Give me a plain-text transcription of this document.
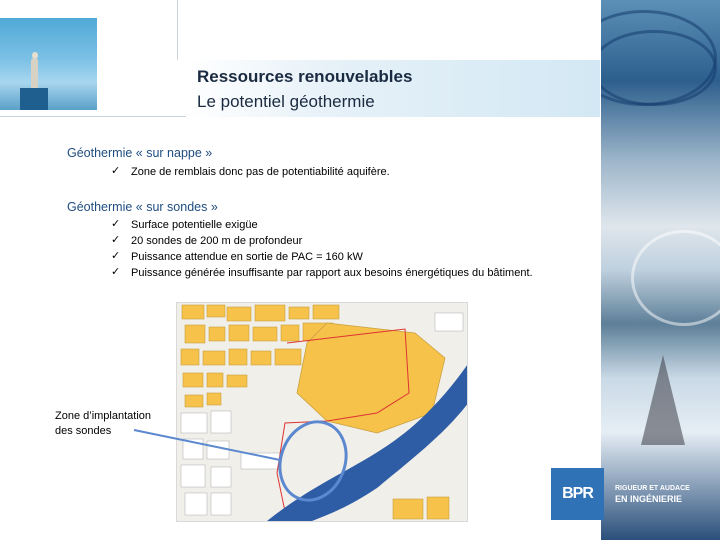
Ressources renouvelables
Le potentiel géothermie
BPR	RIGUEUR ET AUDACE
EN INGÉNIERIE
Géothermie « sur nappe »
✓ Zone de remblais donc pas de potentiabilité aquifère.
Géothermie « sur sondes »
✓ Surface potentielle exigüe
✓ 20 sondes de 200 m de profondeur
✓ Puissance attendue en sortie de PAC = 160 kW
✓ Puissance générée insuffisante par rapport aux besoins énergétiques du bâtiment.
Zone d’implantation
des sondes
